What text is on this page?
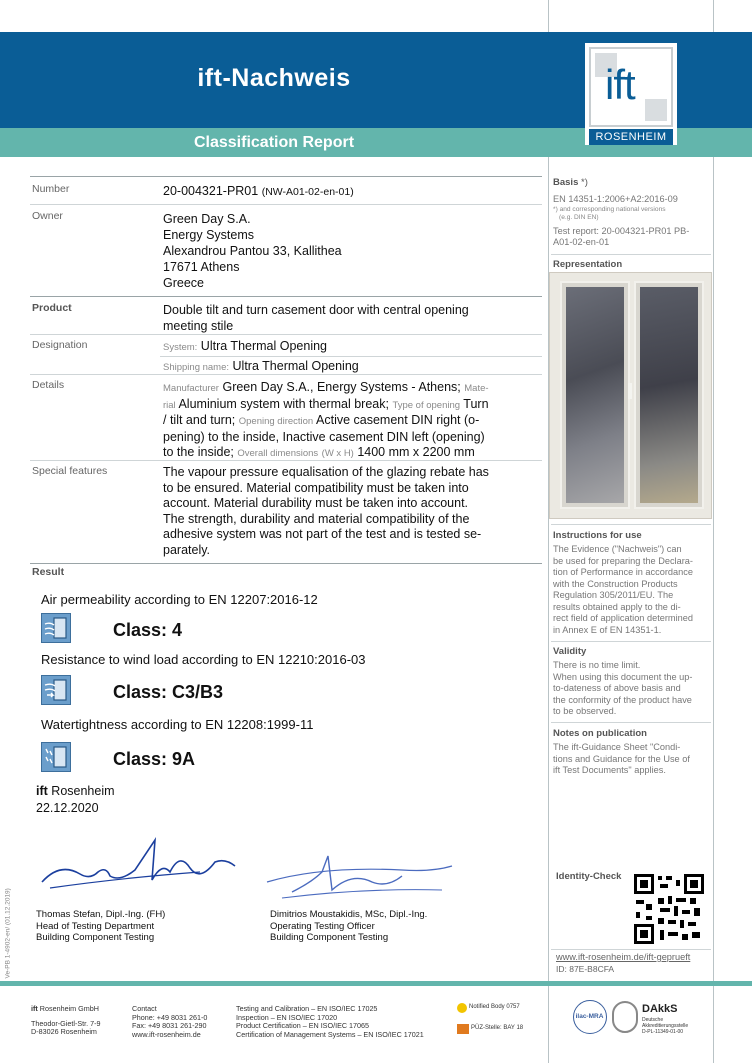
ift-Nachweis
Classification Report
ift
ROSENHEIM
Number	20-004321-PR01 (NW-A01-02-en-01)
Owner	Green Day S.A.
Energy Systems
Alexandrou Pantou 33, Kallithea
17671 Athens
Greece
Product	Double tilt and turn casement door with central opening
meeting stile
Designation	System: Ultra Thermal Opening
Shipping name: Ultra Thermal Opening
Details	Manufacturer Green Day S.A., Energy Systems - Athens; Mate-
rial Aluminium system with thermal break; Type of opening Turn
/ tilt and turn; Opening direction Active casement DIN right (o-
pening) to the inside, Inactive casement DIN left (opening)
to the inside; Overall dimensions (W x H) 1400 mm x 2200 mm
Special features	The vapour pressure equalisation of the glazing rebate has
to be ensured. Material compatibility must be taken into
account. Material durability must be taken into account.
The strength, durability and material compatibility of the
adhesive system was not part of the test and is tested se-
parately.
Result
Air permeability according to EN 12207:2016-12
Class: 4
Resistance to wind load according to EN 12210:2016-03
Class: C3/B3
Watertightness according to EN 12208:1999-11
Class: 9A
ift Rosenheim
22.12.2020
Thomas Stefan, Dipl.-Ing. (FH)
Head of Testing Department
Building Component Testing
Dimitrios Moustakidis, MSc, Dipl.-Ing.
Operating Testing Officer
Building Component Testing
Ve-PB 1-4902-en/ (01.12.2019)
Basis *)
EN 14351-1:2006+A2:2016-09
*) and corresponding national versions
(e.g. DIN EN)
Test report: 20-004321-PR01 PB-
A01-02-en-01
Representation
Instructions for use
The Evidence ("Nachweis") can
be used for preparing the Declara-
tion of Performance in accordance
with the Construction Products
Regulation 305/2011/EU. The
results obtained apply to the di-
rect field of application determined
in Annex E of EN 14351-1.
Validity
There is no time limit.
When using this document the up-
to-dateness of above basis and
the conformity of the product have
to be observed.
Notes on publication
The ift-Guidance Sheet "Condi-
tions and Guidance for the Use of
ift Test Documents" applies.
Identity-Check
www.ift-rosenheim.de/ift-geprueft
ID: 87E-B8CFA
ift Rosenheim GmbH
Theodor-Gietl-Str. 7-9
D-83026 Rosenheim
Contact
Phone: +49 8031 261-0
Fax: +49 8031 261-290
www.ift-rosenheim.de
Testing and Calibration – EN ISO/IEC 17025
Inspection – EN ISO/IEC 17020
Product Certification – EN ISO/IEC 17065
Certification of Management Systems – EN ISO/IEC 17021
Notified Body 0757
PÜZ-Stelle: BAY 18
ilac-MRA
DAkkS
Deutsche
Akkreditierungsstelle
D-PL-11349-01-00
